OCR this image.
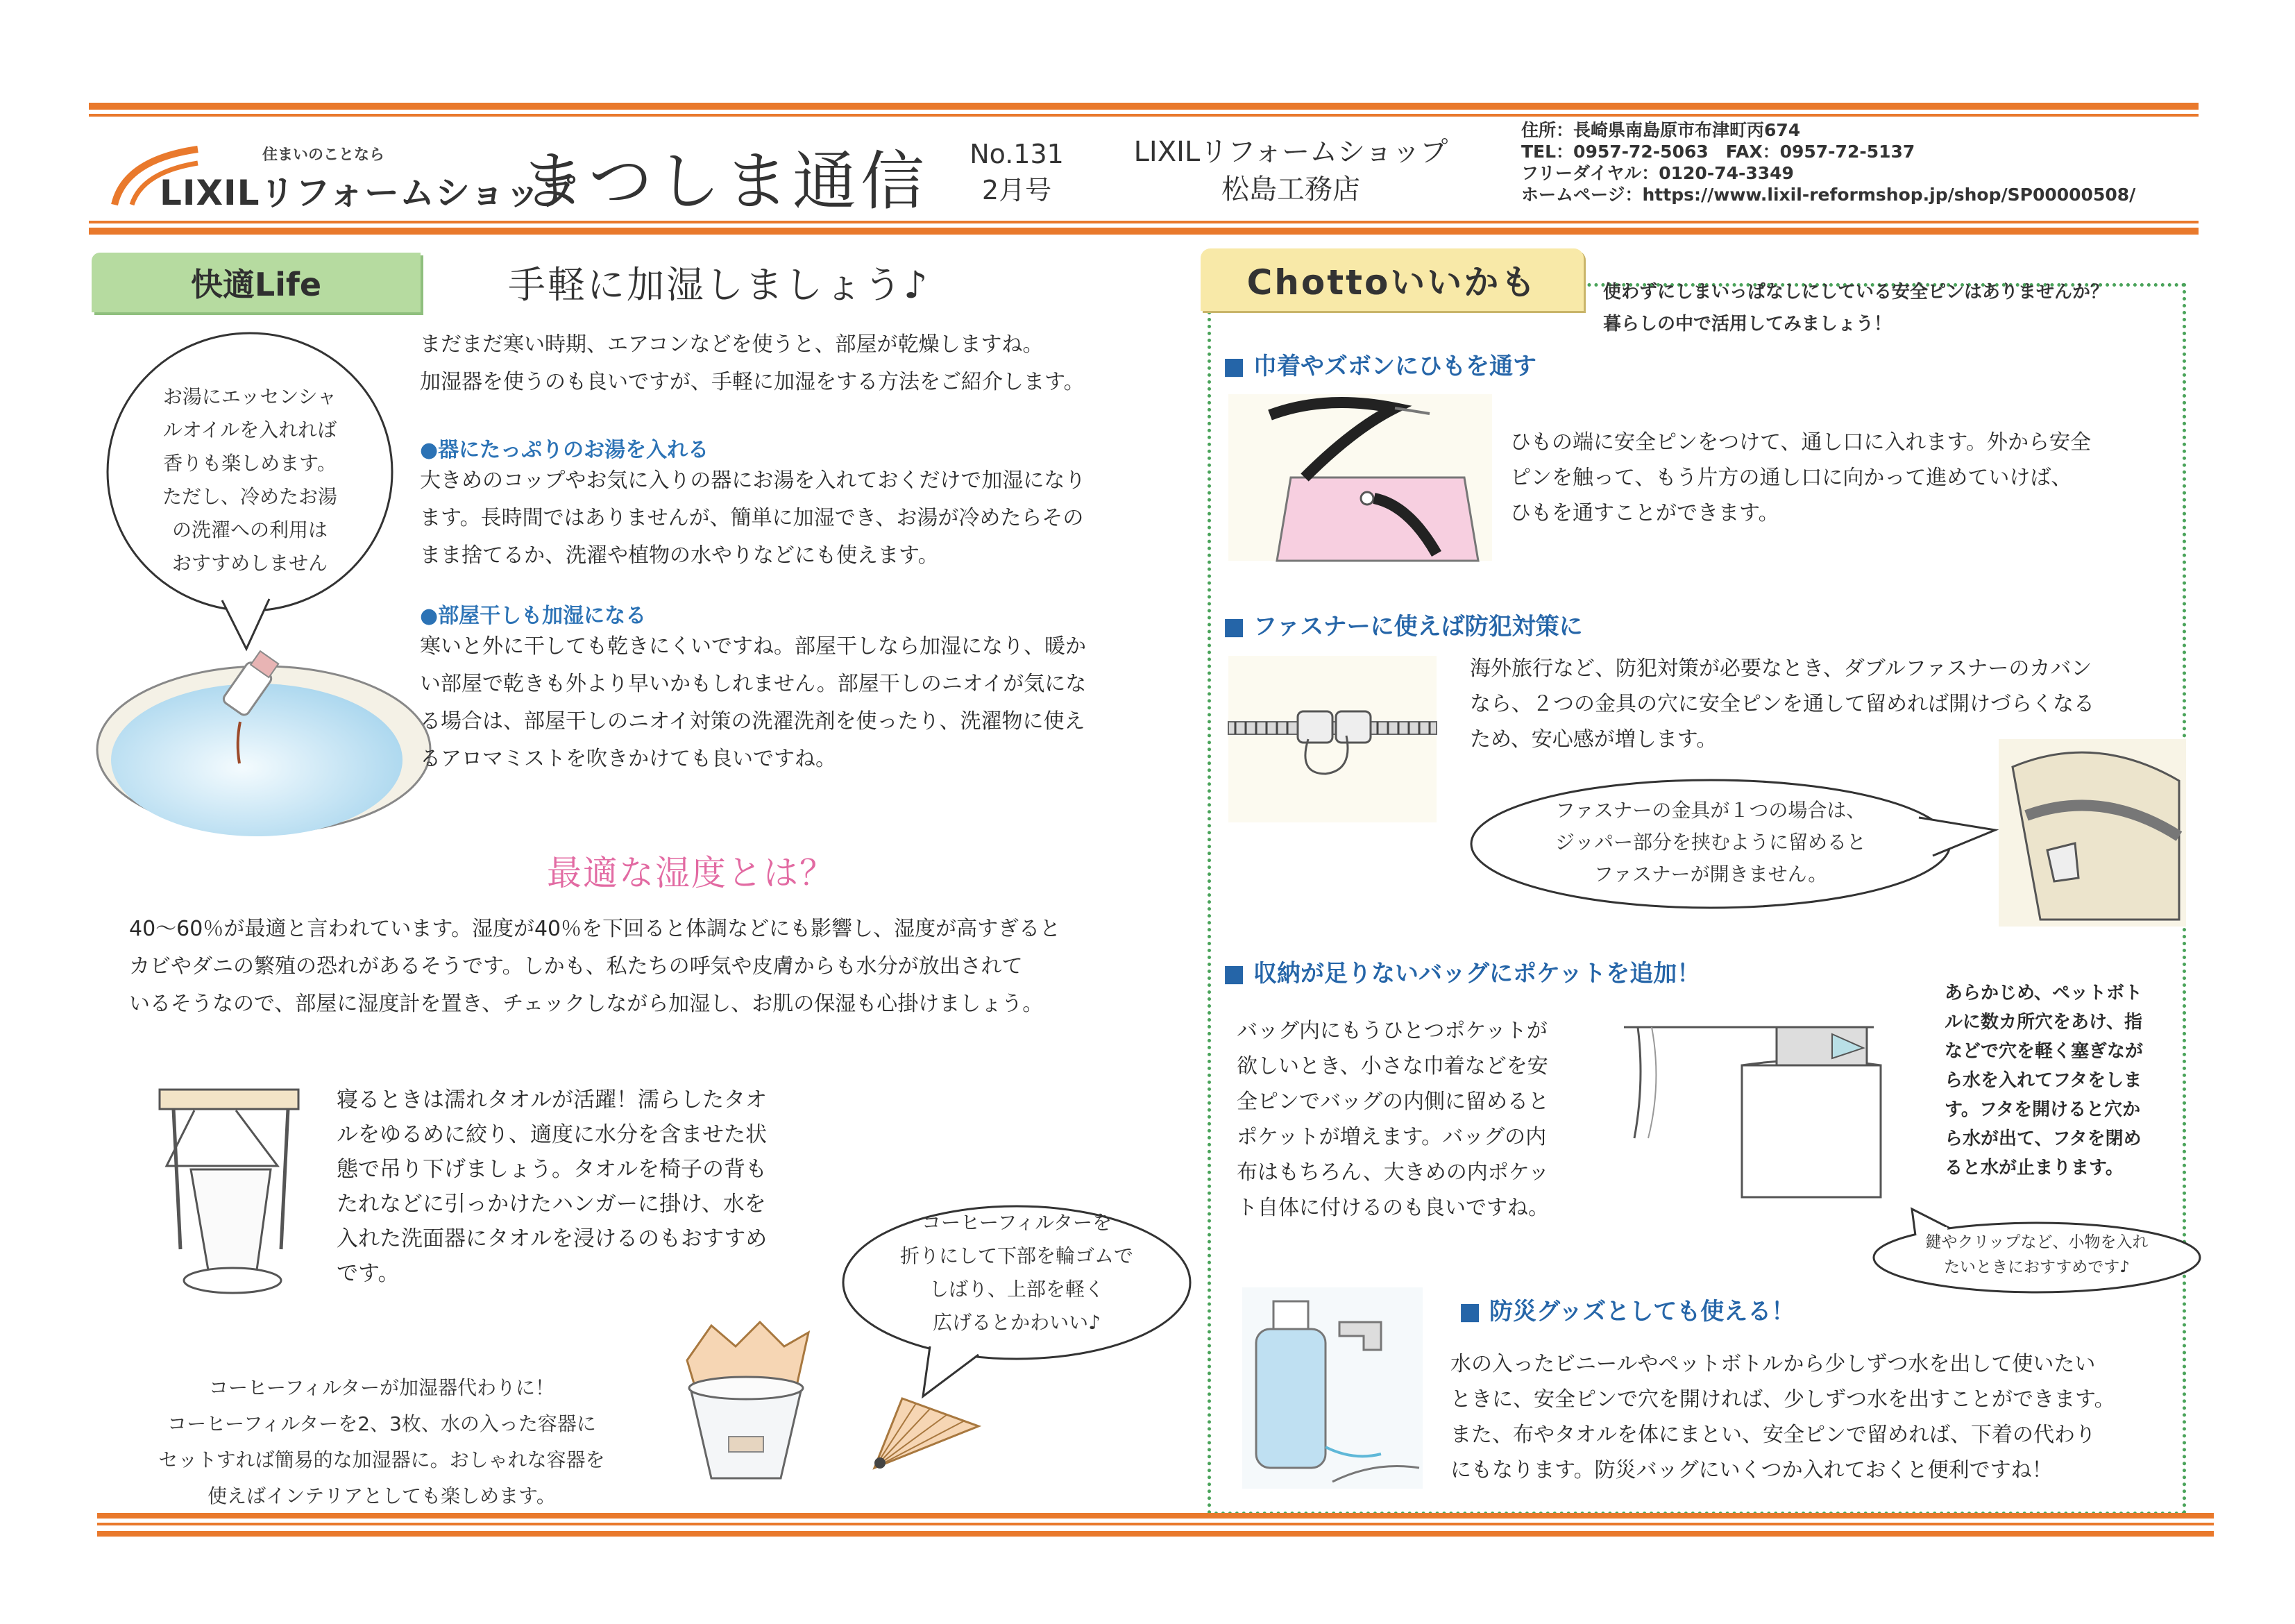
住まいのことなら
LIXILリフォームショップ
まつしま通信	No.131
2月号
LIXILリフォームショップ
松島工務店
住所：長崎県南島原市布津町丙674
TEL：0957-72-5063　FAX：0957-72-5137
フリーダイヤル：0120-74-3349
ホームページ：https://www.lixil-reformshop.jp/shop/SP00000508/
快適Life	手軽に加湿しましょう♪
お湯にエッセンシャ
ルオイルを入れれば
香りも楽しめます。
ただし、冷めたお湯
の洗濯への利用は
おすすめしません
まだまだ寒い時期、エアコンなどを使うと、部屋が乾燥しますね。
加湿器を使うのも良いですが、手軽に加湿をする方法をご紹介します。
●器にたっぷりのお湯を入れる
大きめのコップやお気に入りの器にお湯を入れておくだけで加湿になり
ます。長時間ではありませんが、簡単に加湿でき、お湯が冷めたらその
まま捨てるか、洗濯や植物の水やりなどにも使えます。
●部屋干しも加湿になる
寒いと外に干しても乾きにくいですね。部屋干しなら加湿になり、暖か
い部屋で乾きも外より早いかもしれません。部屋干しのニオイが気にな
る場合は、部屋干しのニオイ対策の洗濯洗剤を使ったり、洗濯物に使え
るアロマミストを吹きかけても良いですね。
最適な湿度とは？
40～60％が最適と言われています。湿度が40％を下回ると体調などにも影響し、湿度が高すぎると
カビやダニの繁殖の恐れがあるそうです。しかも、私たちの呼気や皮膚からも水分が放出されて
いるそうなので、部屋に湿度計を置き、チェックしながら加湿し、お肌の保湿も心掛けましょう。
寝るときは濡れタオルが活躍！濡らしたタオ
ルをゆるめに絞り、適度に水分を含ませた状
態で吊り下げましょう。タオルを椅子の背も
たれなどに引っかけたハンガーに掛け、水を
入れた洗面器にタオルを浸けるのもおすすめ
です。
コーヒーフィルターを
折りにして下部を輪ゴムで
しばり、上部を軽く
広げるとかわいい♪
コーヒーフィルターが加湿器代わりに！
コーヒーフィルターを2、3枚、水の入った容器に
セットすれば簡易的な加湿器に。おしゃれな容器を
使えばインテリアとしても楽しめます。
Chottoいいかも	使わずにしまいっぱなしにしている安全ピンはありませんか？
暮らしの中で活用してみましょう！
■ 巾着やズボンにひもを通す
ひもの端に安全ピンをつけて、通し口に入れます。外から安全
ピンを触って、もう片方の通し口に向かって進めていけば、
ひもを通すことができます。
■ ファスナーに使えば防犯対策に
海外旅行など、防犯対策が必要なとき、ダブルファスナーのカバン
なら、２つの金具の穴に安全ピンを通して留めれば開けづらくなる
ため、安心感が増します。
ファスナーの金具が１つの場合は、
ジッパー部分を挟むように留めると
ファスナーが開きません。
■ 収納が足りないバッグにポケットを追加！
バッグ内にもうひとつポケットが
欲しいとき、小さな巾着などを安
全ピンでバッグの内側に留めると
ポケットが増えます。バッグの内
布はもちろん、大きめの内ポケッ
ト自体に付けるのも良いですね。
あらかじめ、ペットボト
ルに数カ所穴をあけ、指
などで穴を軽く塞ぎなが
ら水を入れてフタをしま
す。フタを開けると穴か
ら水が出て、フタを閉め
ると水が止まります。
鍵やクリップなど、小物を入れ
たいときにおすすめです♪
■ 防災グッズとしても使える！
水の入ったビニールやペットボトルから少しずつ水を出して使いたい
ときに、安全ピンで穴を開ければ、少しずつ水を出すことができます。
また、布やタオルを体にまとい、安全ピンで留めれば、下着の代わり
にもなります。防災バッグにいくつか入れておくと便利ですね！
